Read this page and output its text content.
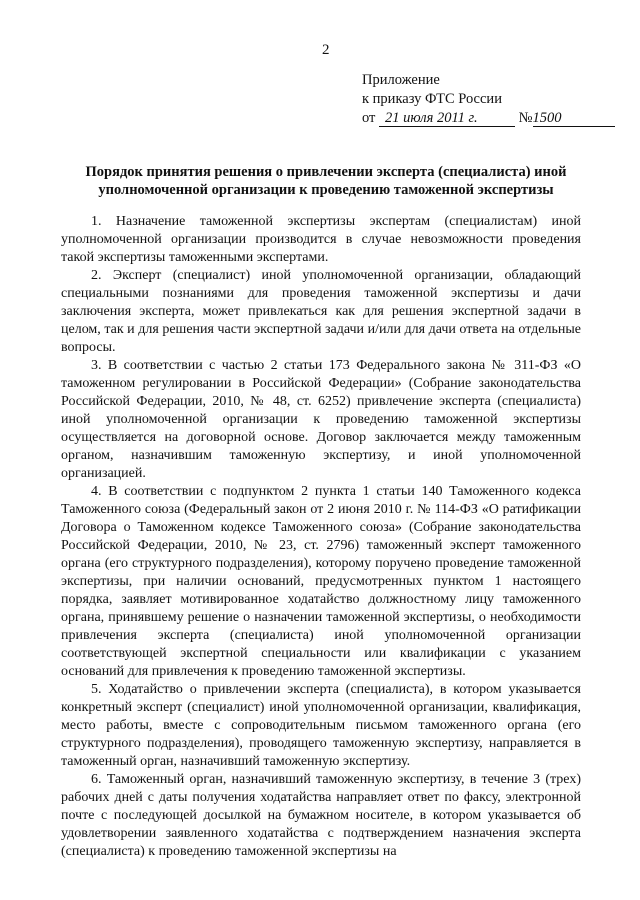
2
Приложение
к приказу ФТС России
от 21 июля 2011 г.	№1500
Порядок принятия решения о привлечении эксперта (специалиста) иной уполномоченной организации к проведению таможенной экспертизы

1. Назначение таможенной экспертизы экспертам (специалистам) иной уполномоченной организации производится в случае невозможности проведения такой экспертизы таможенными экспертами.

2. Эксперт (специалист) иной уполномоченной организации, обладающий специальными познаниями для проведения таможенной экспертизы и дачи заключения эксперта, может привлекаться как для решения экспертной задачи в целом, так и для решения части экспертной задачи и/или для дачи ответа на отдельные вопросы.

3. В соответствии с частью 2 статьи 173 Федерального закона № 311-ФЗ «О таможенном регулировании в Российской Федерации» (Собрание законодательства Российской Федерации, 2010, № 48, ст. 6252) привлечение эксперта (специалиста) иной уполномоченной организации к проведению таможенной экспертизы осуществляется на договорной основе. Договор заключается между таможенным органом, назначившим таможенную экспертизу, и иной уполномоченной организацией.

4. В соответствии с подпунктом 2 пункта 1 статьи 140 Таможенного кодекса Таможенного союза (Федеральный закон от 2 июня 2010 г. № 114-ФЗ «О ратификации Договора о Таможенном кодексе Таможенного союза» (Собрание законодательства Российской Федерации, 2010, № 23, ст. 2796) таможенный эксперт таможенного органа (его структурного подразделения), которому поручено проведение таможенной экспертизы, при наличии оснований, предусмотренных пунктом 1 настоящего порядка, заявляет мотивированное ходатайство должностному лицу таможенного органа, принявшему решение о назначении таможенной экспертизы, о необходимости привлечения эксперта (специалиста) иной уполномоченной организации соответствующей экспертной специальности или квалификации с указанием оснований для привлечения к проведению таможенной экспертизы.

5. Ходатайство о привлечении эксперта (специалиста), в котором указывается конкретный эксперт (специалист) иной уполномоченной организации, квалификация, место работы, вместе с сопроводительным письмом таможенного органа (его структурного подразделения), проводящего таможенную экспертизу, направляется в таможенный орган, назначивший таможенную экспертизу.

6. Таможенный орган, назначивший таможенную экспертизу, в течение 3 (трех) рабочих дней с даты получения ходатайства направляет ответ по факсу, электронной почте с последующей досылкой на бумажном носителе, в котором указывается об удовлетворении заявленного ходатайства с подтверждением назначения эксперта (специалиста) к проведению таможенной экспертизы на
